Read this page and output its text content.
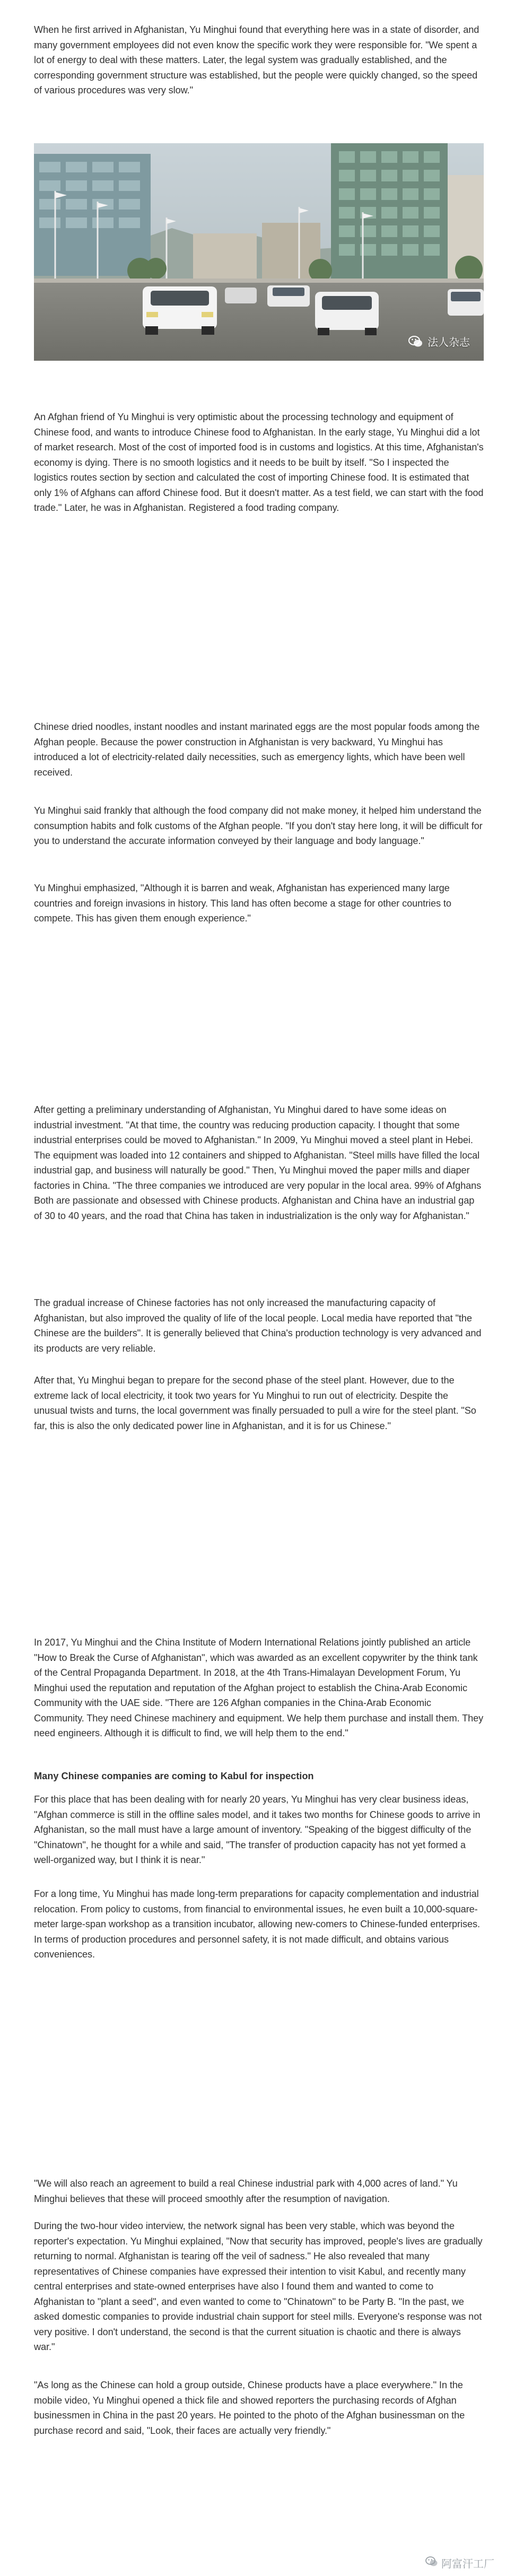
When he first arrived in Afghanistan, Yu Minghui found that everything here was in a state of disorder, and many government employees did not even know the specific work they were responsible for. "We spent a lot of energy to deal with these matters. Later, the legal system was gradually established, and the corresponding government structure was established, but the people were quickly changed, so the speed of various procedures was very slow."

法人杂志

An Afghan friend of Yu Minghui is very optimistic about the processing technology and equipment of Chinese food, and wants to introduce Chinese food to Afghanistan. In the early stage, Yu Minghui did a lot of market research. Most of the cost of imported food is in customs and logistics. At this time, Afghanistan's economy is dying. There is no smooth logistics and it needs to be built by itself. "So I inspected the logistics routes section by section and calculated the cost of importing Chinese food. It is estimated that only 1% of Afghans can afford Chinese food. But it doesn't matter. As a test field, we can start with the food trade." Later, he was in Afghanistan. Registered a food trading company.

Chinese dried noodles, instant noodles and instant marinated eggs are the most popular foods among the Afghan people. Because the power construction in Afghanistan is very backward, Yu Minghui has introduced a lot of electricity-related daily necessities, such as emergency lights, which have been well received.

Yu Minghui said frankly that although the food company did not make money, it helped him understand the consumption habits and folk customs of the Afghan people. "If you don't stay here long, it will be difficult for you to understand the accurate information conveyed by their language and body language."

Yu Minghui emphasized, "Although it is barren and weak, Afghanistan has experienced many large countries and foreign invasions in history. This land has often become a stage for other countries to compete. This has given them enough experience."

After getting a preliminary understanding of Afghanistan, Yu Minghui dared to have some ideas on industrial investment. "At that time, the country was reducing production capacity. I thought that some industrial enterprises could be moved to Afghanistan." In 2009, Yu Minghui moved a steel plant in Hebei. The equipment was loaded into 12 containers and shipped to Afghanistan. "Steel mills have filled the local industrial gap, and business will naturally be good." Then, Yu Minghui moved the paper mills and diaper factories in China. "The three companies we introduced are very popular in the local area. 99% of Afghans Both are passionate and obsessed with Chinese products. Afghanistan and China have an industrial gap of 30 to 40 years, and the road that China has taken in industrialization is the only way for Afghanistan."

The gradual increase of Chinese factories has not only increased the manufacturing capacity of Afghanistan, but also improved the quality of life of the local people. Local media have reported that "the Chinese are the builders". It is generally believed that China's production technology is very advanced and its products are very reliable.

After that, Yu Minghui began to prepare for the second phase of the steel plant. However, due to the extreme lack of local electricity, it took two years for Yu Minghui to run out of electricity. Despite the unusual twists and turns, the local government was finally persuaded to pull a wire for the steel plant. "So far, this is also the only dedicated power line in Afghanistan, and it is for us Chinese."

In 2017, Yu Minghui and the China Institute of Modern International Relations jointly published an article "How to Break the Curse of Afghanistan", which was awarded as an excellent copywriter by the think tank of the Central Propaganda Department. In 2018, at the 4th Trans-Himalayan Development Forum, Yu Minghui used the reputation and reputation of the Afghan project to establish the China-Arab Economic Community with the UAE side. "There are 126 Afghan companies in the China-Arab Economic Community. They need Chinese machinery and equipment. We help them purchase and install them. They need engineers. Although it is difficult to find, we will help them to the end."

Many Chinese companies are coming to Kabul for inspection

For this place that has been dealing with for nearly 20 years, Yu Minghui has very clear business ideas, "Afghan commerce is still in the offline sales model, and it takes two months for Chinese goods to arrive in Afghanistan, so the mall must have a large amount of inventory. "Speaking of the biggest difficulty of the "Chinatown", he thought for a while and said, "The transfer of production capacity has not yet formed a well-organized way, but I think it is near."

For a long time, Yu Minghui has made long-term preparations for capacity complementation and industrial relocation. From policy to customs, from financial to environmental issues, he even built a 10,000-square-meter large-span workshop as a transition incubator, allowing new-comers to Chinese-funded enterprises. In terms of production procedures and personnel safety, it is not made difficult, and obtains various conveniences.

"We will also reach an agreement to build a real Chinese industrial park with 4,000 acres of land." Yu Minghui believes that these will proceed smoothly after the resumption of navigation.

During the two-hour video interview, the network signal has been very stable, which was beyond the reporter's expectation. Yu Minghui explained, "Now that security has improved, people's lives are gradually returning to normal. Afghanistan is tearing off the veil of sadness." He also revealed that many representatives of Chinese companies have expressed their intention to visit Kabul, and recently many central enterprises and state-owned enterprises have also I found them and wanted to come to Afghanistan to "plant a seed", and even wanted to come to "Chinatown" to be Party B. "In the past, we asked domestic companies to provide industrial chain support for steel mills. Everyone's response was not very positive. I don't understand, the second is that the current situation is chaotic and there is always war."

"As long as the Chinese can hold a group outside, Chinese products have a place everywhere." In the mobile video, Yu Minghui opened a thick file and showed reporters the purchasing records of Afghan businessmen in China in the past 20 years. He pointed to the photo of the Afghan businessman on the purchase record and said, "Look, their faces are actually very friendly."

阿富汗工厂
